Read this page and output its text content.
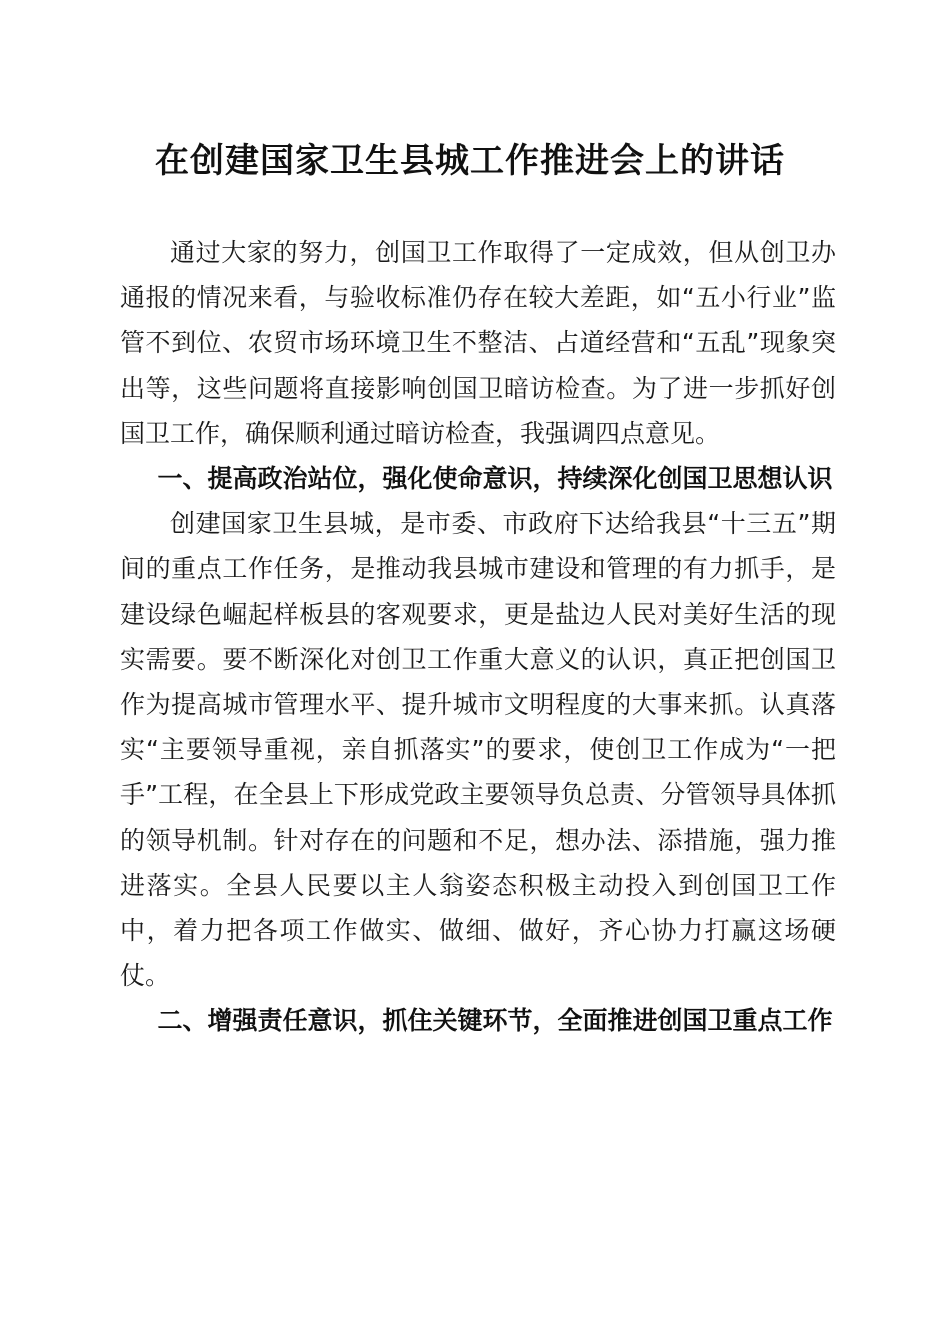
在创建国家卫生县城工作推进会上的讲话

通过大家的努力，创国卫工作取得了一定成效，但从创卫办通报的情况来看，与验收标准仍存在较大差距，如“五小行业”监管不到位、农贸市场环境卫生不整洁、占道经营和“五乱”现象突出等，这些问题将直接影响创国卫暗访检查。为了进一步抓好创国卫工作，确保顺利通过暗访检查，我强调四点意见。

一、提高政治站位，强化使命意识，持续深化创国卫思想认识

创建国家卫生县城，是市委、市政府下达给我县“十三五”期间的重点工作任务，是推动我县城市建设和管理的有力抓手，是建设绿色崛起样板县的客观要求，更是盐边人民对美好生活的现实需要。要不断深化对创卫工作重大意义的认识，真正把创国卫作为提高城市管理水平、提升城市文明程度的大事来抓。认真落实“主要领导重视，亲自抓落实”的要求，使创卫工作成为“一把手”工程，在全县上下形成党政主要领导负总责、分管领导具体抓的领导机制。针对存在的问题和不足，想办法、添措施，强力推进落实。全县人民要以主人翁姿态积极主动投入到创国卫工作中，着力把各项工作做实、做细、做好，齐心协力打赢这场硬仗。

二、增强责任意识，抓住关键环节，全面推进创国卫重点工作
